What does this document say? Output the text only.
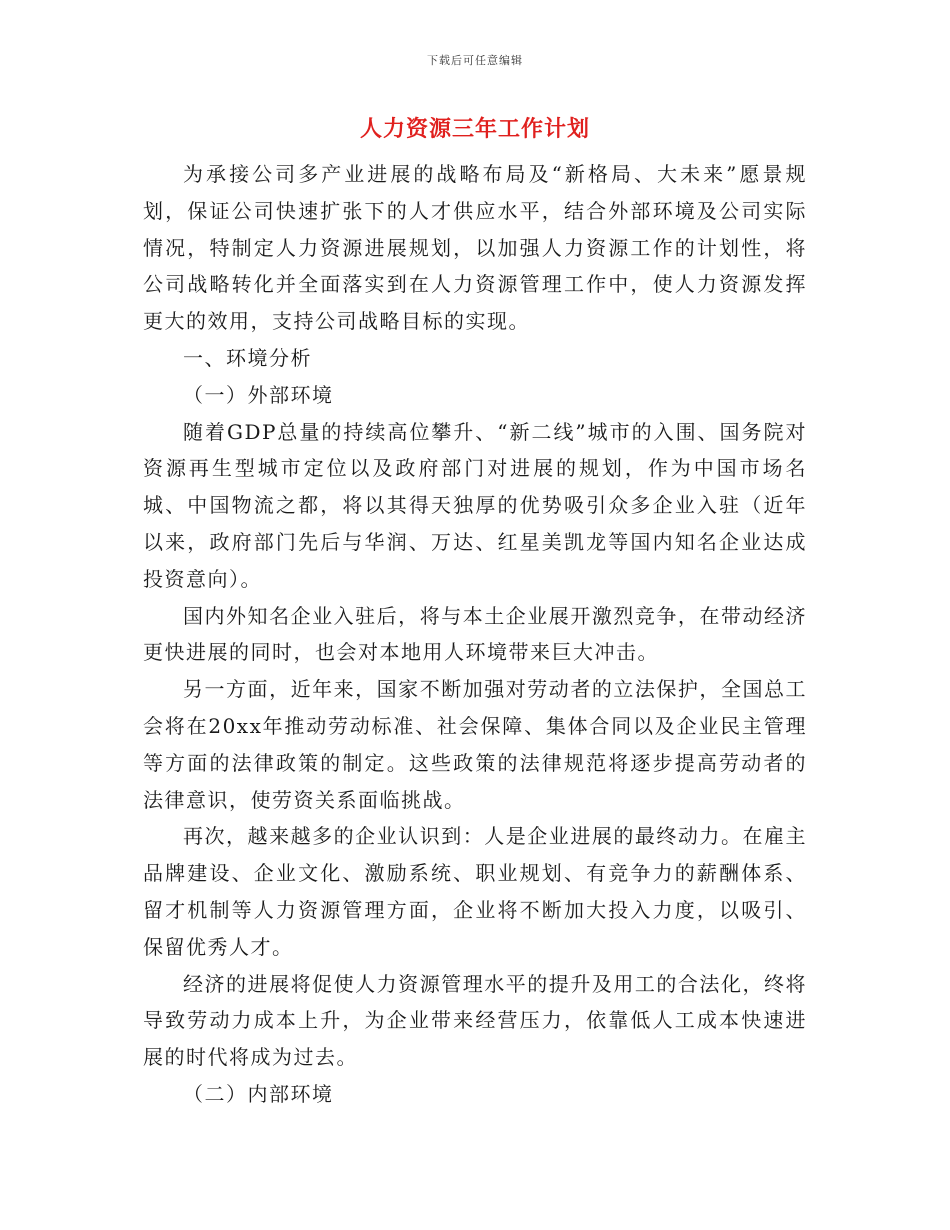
下载后可任意编辑
人力资源三年工作计划

为承接公司多产业进展的战略布局及“新格局、大未来”愿景规划，保证公司快速扩张下的人才供应水平，结合外部环境及公司实际情况，特制定人力资源进展规划，以加强人力资源工作的计划性，将公司战略转化并全面落实到在人力资源管理工作中，使人力资源发挥更大的效用，支持公司战略目标的实现。

一、环境分析

（一）外部环境

随着GDP总量的持续高位攀升、“新二线”城市的入围、国务院对资源再生型城市定位以及政府部门对进展的规划，作为中国市场名城、中国物流之都，将以其得天独厚的优势吸引众多企业入驻（近年以来，政府部门先后与华润、万达、红星美凯龙等国内知名企业达成投资意向）。

国内外知名企业入驻后，将与本土企业展开激烈竞争，在带动经济更快进展的同时，也会对本地用人环境带来巨大冲击。

另一方面，近年来，国家不断加强对劳动者的立法保护，全国总工会将在20xx年推动劳动标准、社会保障、集体合同以及企业民主管理等方面的法律政策的制定。这些政策的法律规范将逐步提高劳动者的法律意识，使劳资关系面临挑战。

再次，越来越多的企业认识到：人是企业进展的最终动力。在雇主品牌建设、企业文化、激励系统、职业规划、有竞争力的薪酬体系、留才机制等人力资源管理方面，企业将不断加大投入力度，以吸引、保留优秀人才。

经济的进展将促使人力资源管理水平的提升及用工的合法化，终将导致劳动力成本上升，为企业带来经营压力，依靠低人工成本快速进展的时代将成为过去。

（二）内部环境
